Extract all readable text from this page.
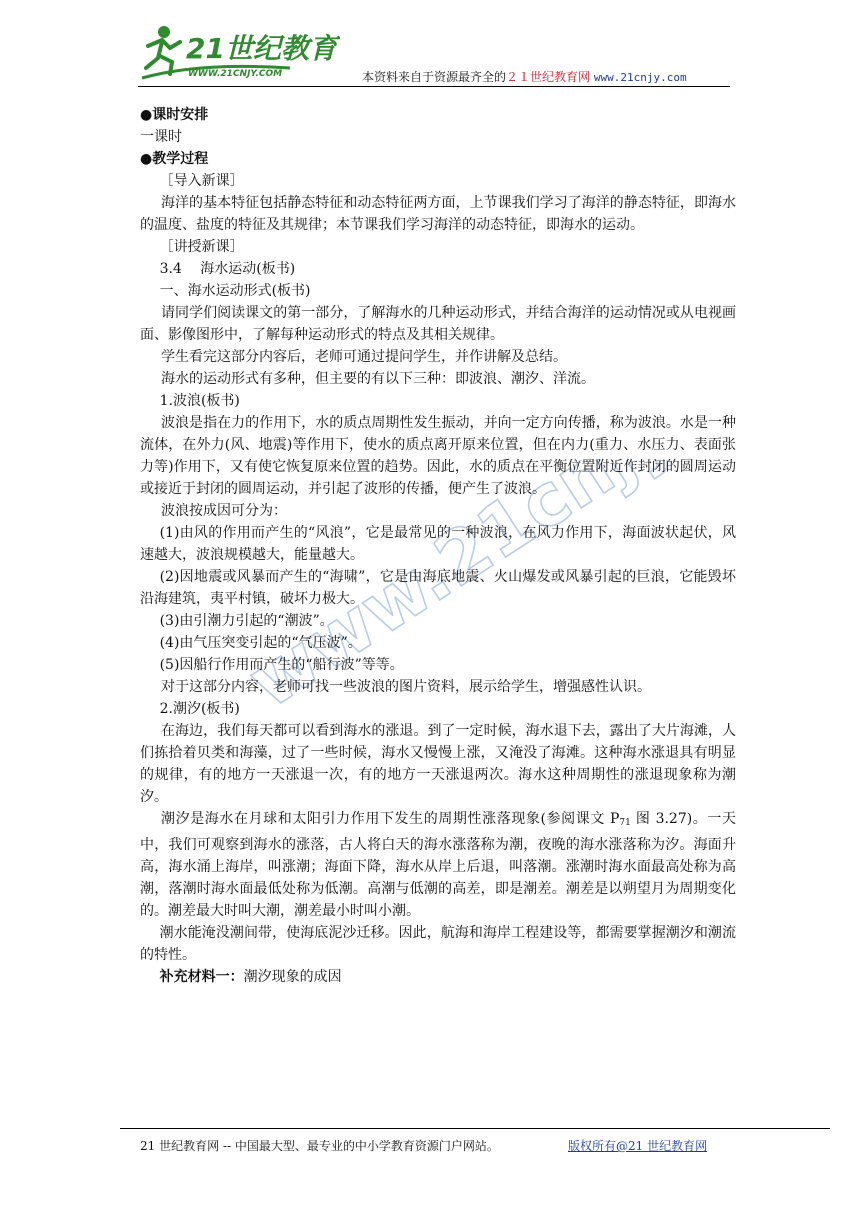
21世纪教育
WWW.21CNJY.COM	本资料来自于资源最齐全的２１世纪教育网 www.21cnjy.com
www.21cnjy.com

●课时安排

一课时

●教学过程

［导入新课］

海洋的基本特征包括静态特征和动态特征两方面，上节课我们学习了海洋的静态特征，即海水的温度、盐度的特征及其规律；本节课我们学习海洋的动态特征，即海水的运动。

［讲授新课］

3.4　 海水运动(板书)

一、海水运动形式(板书)

请同学们阅读课文的第一部分，了解海水的几种运动形式，并结合海洋的运动情况或从电视画面、影像图形中，了解每种运动形式的特点及其相关规律。

学生看完这部分内容后，老师可通过提问学生，并作讲解及总结。

海水的运动形式有多种，但主要的有以下三种：即波浪、潮汐、洋流。

1.波浪(板书)

波浪是指在力的作用下，水的质点周期性发生振动，并向一定方向传播，称为波浪。水是一种流体，在外力(风、地震)等作用下，使水的质点离开原来位置，但在内力(重力、水压力、表面张力等)作用下，又有使它恢复原来位置的趋势。因此，水的质点在平衡位置附近作封闭的圆周运动或接近于封闭的圆周运动，并引起了波形的传播，便产生了波浪。

波浪按成因可分为：

(1)由风的作用而产生的“风浪”，它是最常见的一种波浪，在风力作用下，海面波状起伏，风速越大，波浪规模越大，能量越大。

(2)因地震或风暴而产生的“海啸”，它是由海底地震、火山爆发或风暴引起的巨浪，它能毁坏沿海建筑，夷平村镇，破坏力极大。

(3)由引潮力引起的“潮波”。

(4)由气压突变引起的“气压波”。

(5)因船行作用而产生的“船行波”等等。

对于这部分内容，老师可找一些波浪的图片资料，展示给学生，增强感性认识。

2.潮汐(板书)

在海边，我们每天都可以看到海水的涨退。到了一定时候，海水退下去，露出了大片海滩，人们拣拾着贝类和海藻，过了一些时候，海水又慢慢上涨，又淹没了海滩。这种海水涨退具有明显的规律，有的地方一天涨退一次，有的地方一天涨退两次。海水这种周期性的涨退现象称为潮汐。

潮汐是海水在月球和太阳引力作用下发生的周期性涨落现象(参阅课文 $P_{71}$ 图 3.27)。一天中，我们可观察到海水的涨落，古人将白天的海水涨落称为潮，夜晚的海水涨落称为汐。海面升高，海水涌上海岸，叫涨潮；海面下降，海水从岸上后退，叫落潮。涨潮时海水面最高处称为高潮，落潮时海水面最低处称为低潮。高潮与低潮的高差，即是潮差。潮差是以朔望月为周期变化的。潮差最大时叫大潮，潮差最小时叫小潮。

潮水能淹没潮间带，使海底泥沙迁移。因此，航海和海岸工程建设等，都需要掌握潮汐和潮流的特性。

补充材料一：潮汐现象的成因

21 世纪教育网 -- 中国最大型、最专业的中小学教育资源门户网站。	版权所有@21 世纪教育网
